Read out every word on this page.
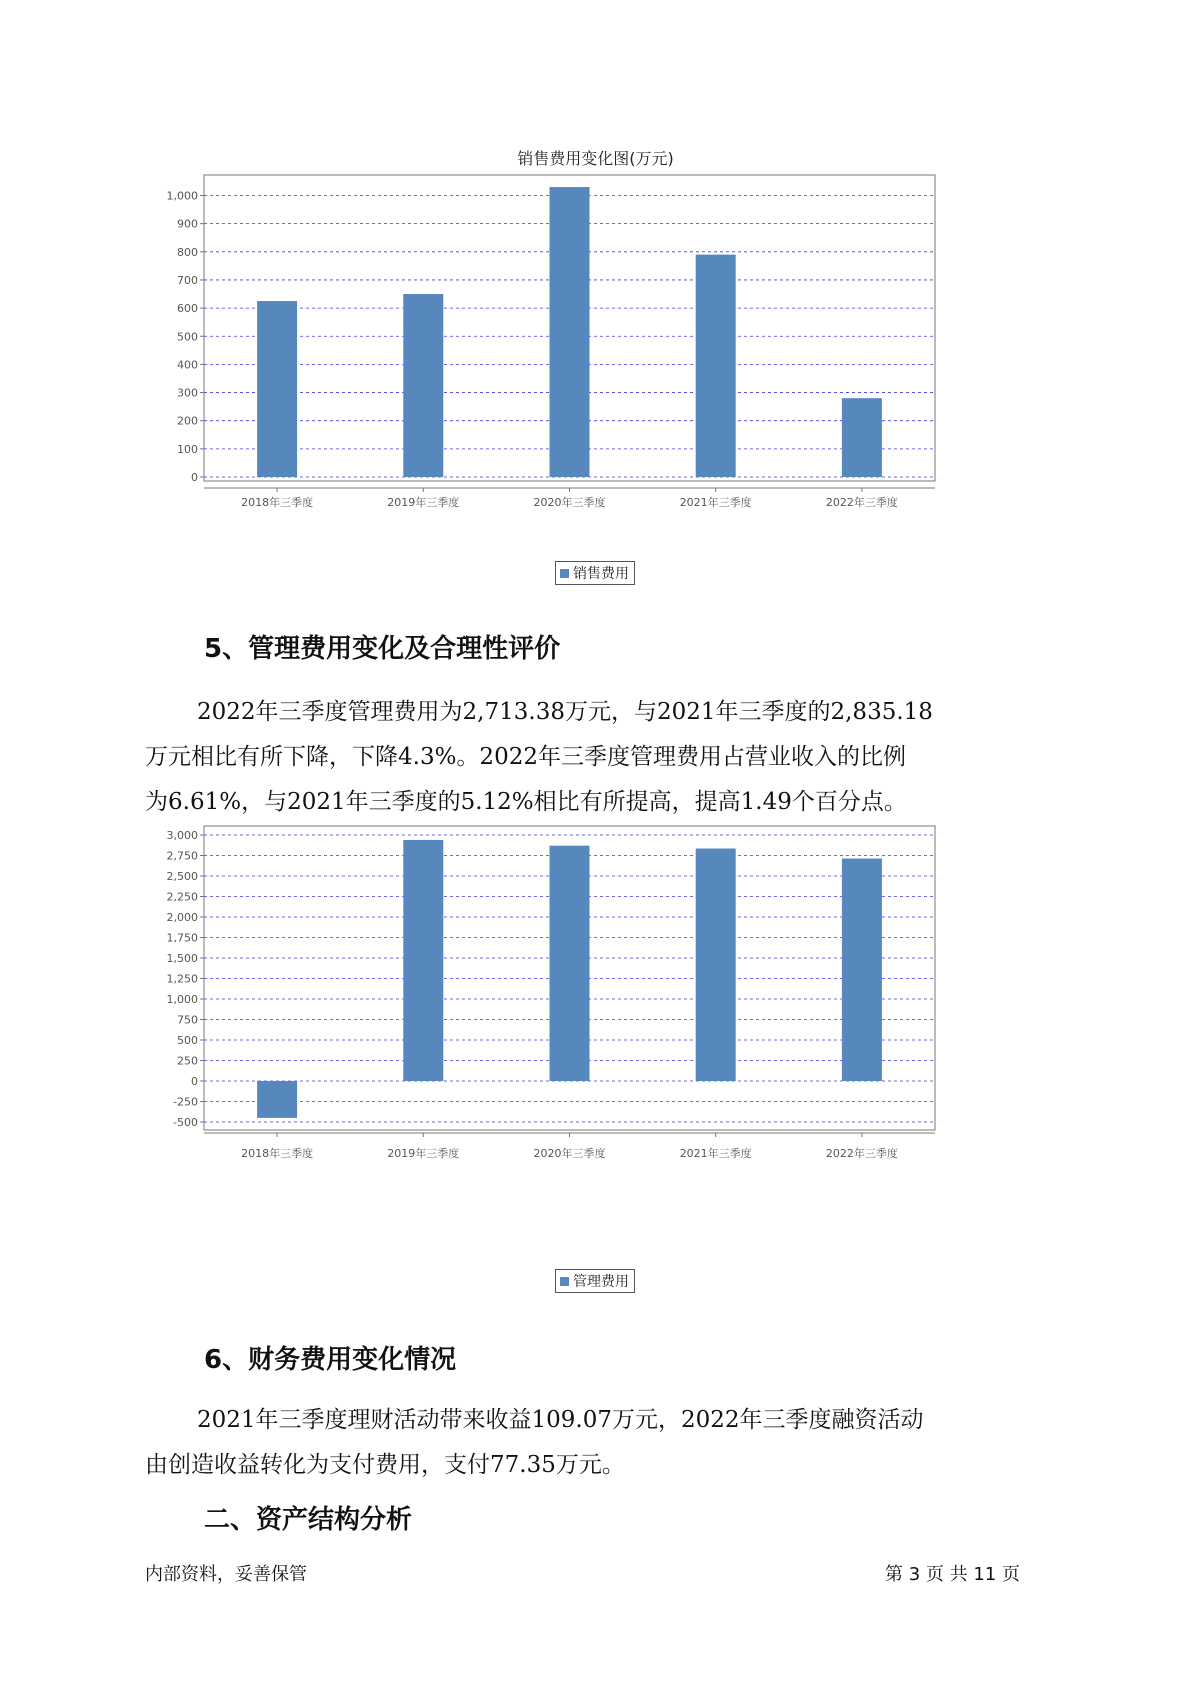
销售费用变化图(万元)
0
100
200
300
400
500
600
700
800
900
1,000
2018年三季度	2019年三季度	2020年三季度	2021年三季度	2022年三季度
销售费用
5、管理费用变化及合理性评价
2022年三季度管理费用为2,713.38万元，与2021年三季度的2,835.18
万元相比有所下降，下降4.3%。2022年三季度管理费用占营业收入的比例
为6.61%，与2021年三季度的5.12%相比有所提高，提高1.49个百分点。
-500
-250
0
250
500
750
1,000
1,250
1,500
1,750
2,000
2,250
2,500
2,750
3,000
2018年三季度	2019年三季度	2020年三季度	2021年三季度	2022年三季度
管理费用
6、财务费用变化情况
2021年三季度理财活动带来收益109.07万元，2022年三季度融资活动
由创造收益转化为支付费用，支付77.35万元。
二、资产结构分析
内部资料，妥善保管	第 3 页 共 11 页
